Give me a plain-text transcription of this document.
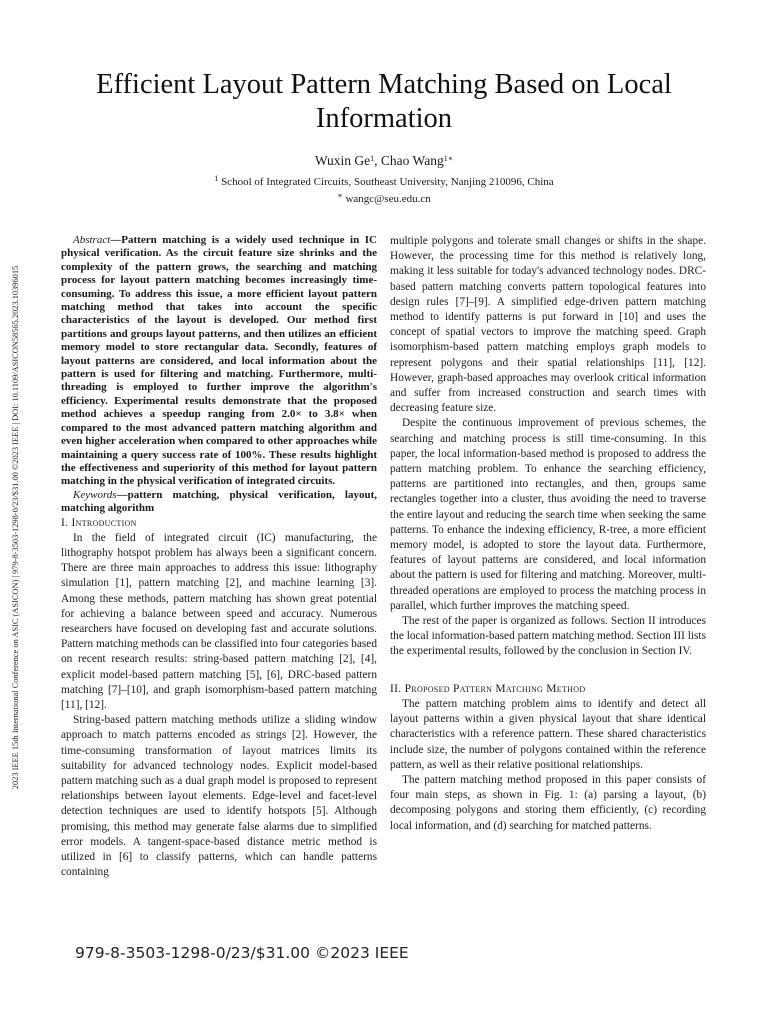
2023 IEEE 15th International Conference on ASIC (ASICON) | 979-8-3503-1298-0/23/$31.00 ©2023 IEEE | DOI: 10.1109/ASICON58565.2023.10396015
Efficient Layout Pattern Matching Based on Local Information
Wuxin Ge$^1$, Chao Wang$^{1∗}$
$^1$ School of Integrated Circuits, Southeast University, Nanjing 210096, China
∗ wangc@seu.edu.cn

Abstract—Pattern matching is a widely used technique in IC physical verification. As the circuit feature size shrinks and the complexity of the pattern grows, the searching and matching process for layout pattern matching becomes increasingly time-consuming. To address this issue, a more efficient layout pattern matching method that takes into account the specific characteristics of the layout is developed. Our method first partitions and groups layout patterns, and then utilizes an efficient memory model to store rectangular data. Secondly, features of layout patterns are considered, and local information about the pattern is used for filtering and matching. Furthermore, multi-threading is employed to further improve the algorithm's efficiency. Experimental results demonstrate that the proposed method achieves a speedup ranging from 2.0× to 3.8× when compared to the most advanced pattern matching algorithm and even higher acceleration when compared to other approaches while maintaining a query success rate of 100%. These results highlight the effectiveness and superiority of this method for layout pattern matching in the physical verification of integrated circuits.

Keywords—pattern matching, physical verification, layout, matching algorithm

I. Introduction

In the field of integrated circuit (IC) manufacturing, the lithography hotspot problem has always been a significant concern. There are three main approaches to address this issue: lithography simulation [1], pattern matching [2], and machine learning [3]. Among these methods, pattern matching has shown great potential for achieving a balance between speed and accuracy. Numerous researchers have focused on developing fast and accurate solutions. Pattern matching methods can be classified into four categories based on recent research results: string-based pattern matching [2], [4], explicit model-based pattern matching [5], [6], DRC-based pattern matching [7]–[10], and graph isomorphism-based pattern matching [11], [12].

String-based pattern matching methods utilize a sliding window approach to match patterns encoded as strings [2]. However, the time-consuming transformation of layout matrices limits its suitability for advanced technology nodes. Explicit model-based pattern matching such as a dual graph model is proposed to represent relationships between layout elements. Edge-level and facet-level detection techniques are used to identify hotspots [5]. Although promising, this method may generate false alarms due to simplified error models. A tangent-space-based distance metric method is utilized in [6] to classify patterns, which can handle patterns containing

multiple polygons and tolerate small changes or shifts in the shape. However, the processing time for this method is relatively long, making it less suitable for today's advanced technology nodes. DRC-based pattern matching converts pattern topological features into design rules [7]–[9]. A simplified edge-driven pattern matching method to identify patterns is put forward in [10] and uses the concept of spatial vectors to improve the matching speed. Graph isomorphism-based pattern matching employs graph models to represent polygons and their spatial relationships [11], [12]. However, graph-based approaches may overlook critical information and suffer from increased construction and search times with decreasing feature size.

Despite the continuous improvement of previous schemes, the searching and matching process is still time-consuming. In this paper, the local information-based method is proposed to address the pattern matching problem. To enhance the searching efficiency, patterns are partitioned into rectangles, and then, groups same rectangles together into a cluster, thus avoiding the need to traverse the entire layout and reducing the search time when seeking the same patterns. To enhance the indexing efficiency, R-tree, a more efficient memory model, is adopted to store the layout data. Furthermore, features of layout patterns are considered, and local information about the pattern is used for filtering and matching. Moreover, multi-threaded operations are employed to process the matching process in parallel, which further improves the matching speed.

The rest of the paper is organized as follows. Section II introduces the local information-based pattern matching method. Section III lists the experimental results, followed by the conclusion in Section IV.

II. Proposed Pattern Matching Method

The pattern matching problem aims to identify and detect all layout patterns within a given physical layout that share identical characteristics with a reference pattern. These shared characteristics include size, the number of polygons contained within the reference pattern, as well as their relative positional relationships.

The pattern matching method proposed in this paper consists of four main steps, as shown in Fig. 1: (a) parsing a layout, (b) decomposing polygons and storing them efficiently, (c) recording local information, and (d) searching for matched patterns.

979-8-3503-1298-0/23/$31.00 ©2023 IEEE
